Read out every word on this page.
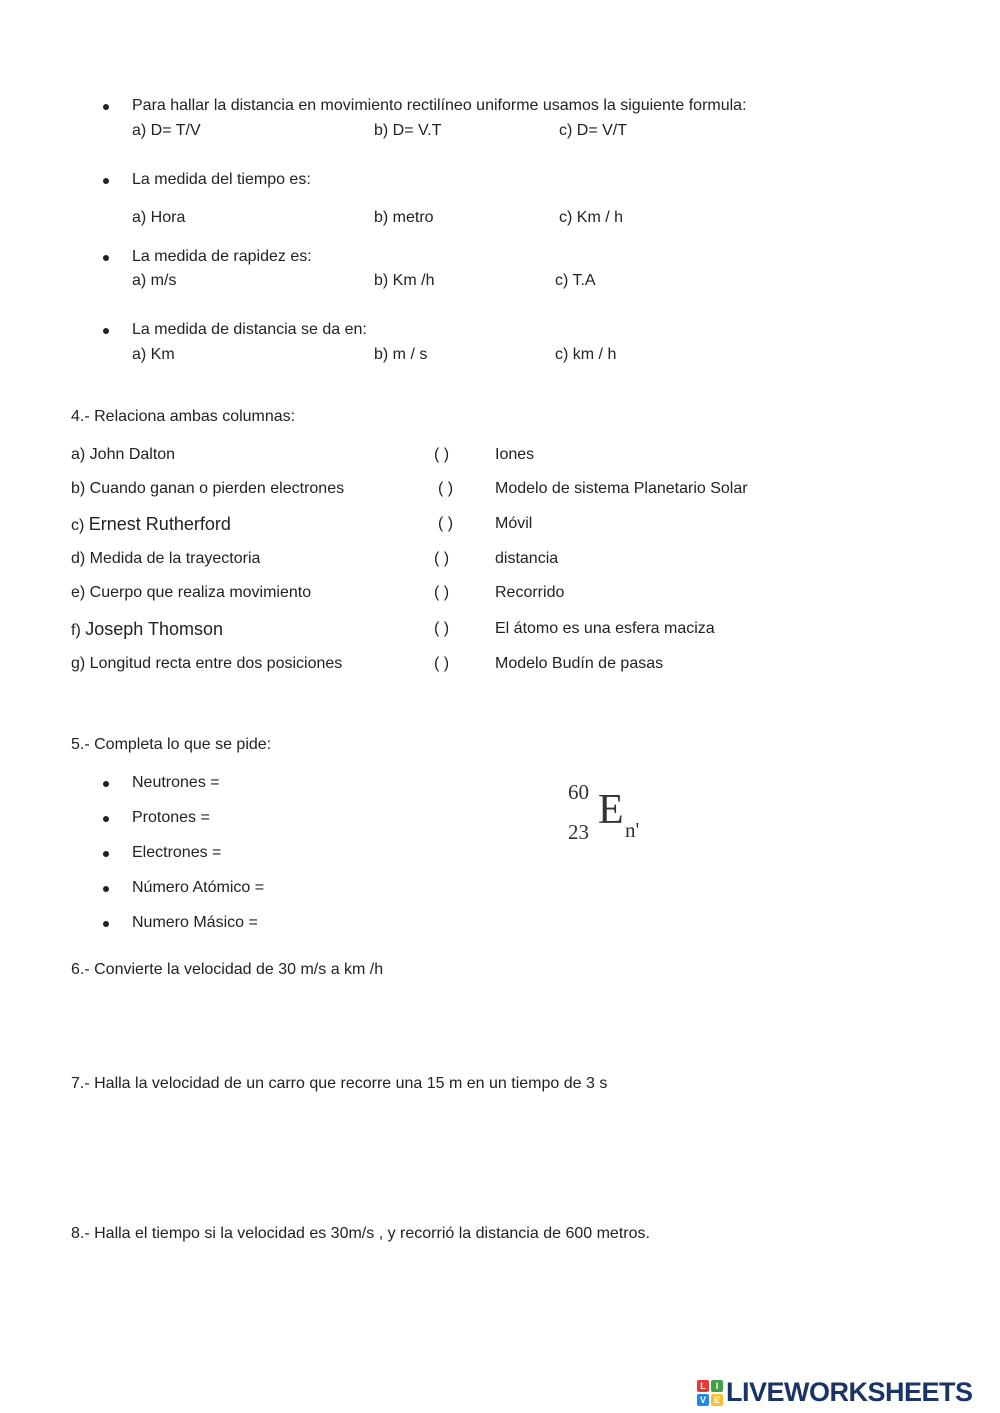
Para hallar la distancia en movimiento rectilíneo uniforme usamos la siguiente formula:
a) D= T/V	b) D= V.T	c) D= V/T
La medida del tiempo es:
a) Hora	b) metro	c) Km / h
La medida de rapidez es:
a) m/s	b) Km /h	c) T.A
La medida de distancia se da en:
a) Km	b) m / s	c) km / h
4.- Relaciona ambas columnas:
a) John Dalton	( )	Iones
b) Cuando ganan o pierden electrones	( )	Modelo de sistema Planetario Solar
c) Ernest Rutherford	( )	Móvil
d) Medida de la trayectoria	( )	distancia
e) Cuerpo que realiza movimiento	( )	Recorrido
f) Joseph Thomson	( )	El átomo es una esfera maciza
g) Longitud recta entre dos posiciones	( )	Modelo Budín de pasas
5.- Completa lo que se pide:
Neutrones =
Protones =
Electrones =
Número Atómico =
Numero Másico =
60
23 E n'
6.- Convierte la velocidad de 30 m/s a km /h
7.- Halla la velocidad de un carro que recorre una 15 m en un tiempo de 3 s
8.- Halla el tiempo si la velocidad es 30m/s , y recorrió la distancia de 600 metros.
L	I
V E LIVEWORKSHEETS
